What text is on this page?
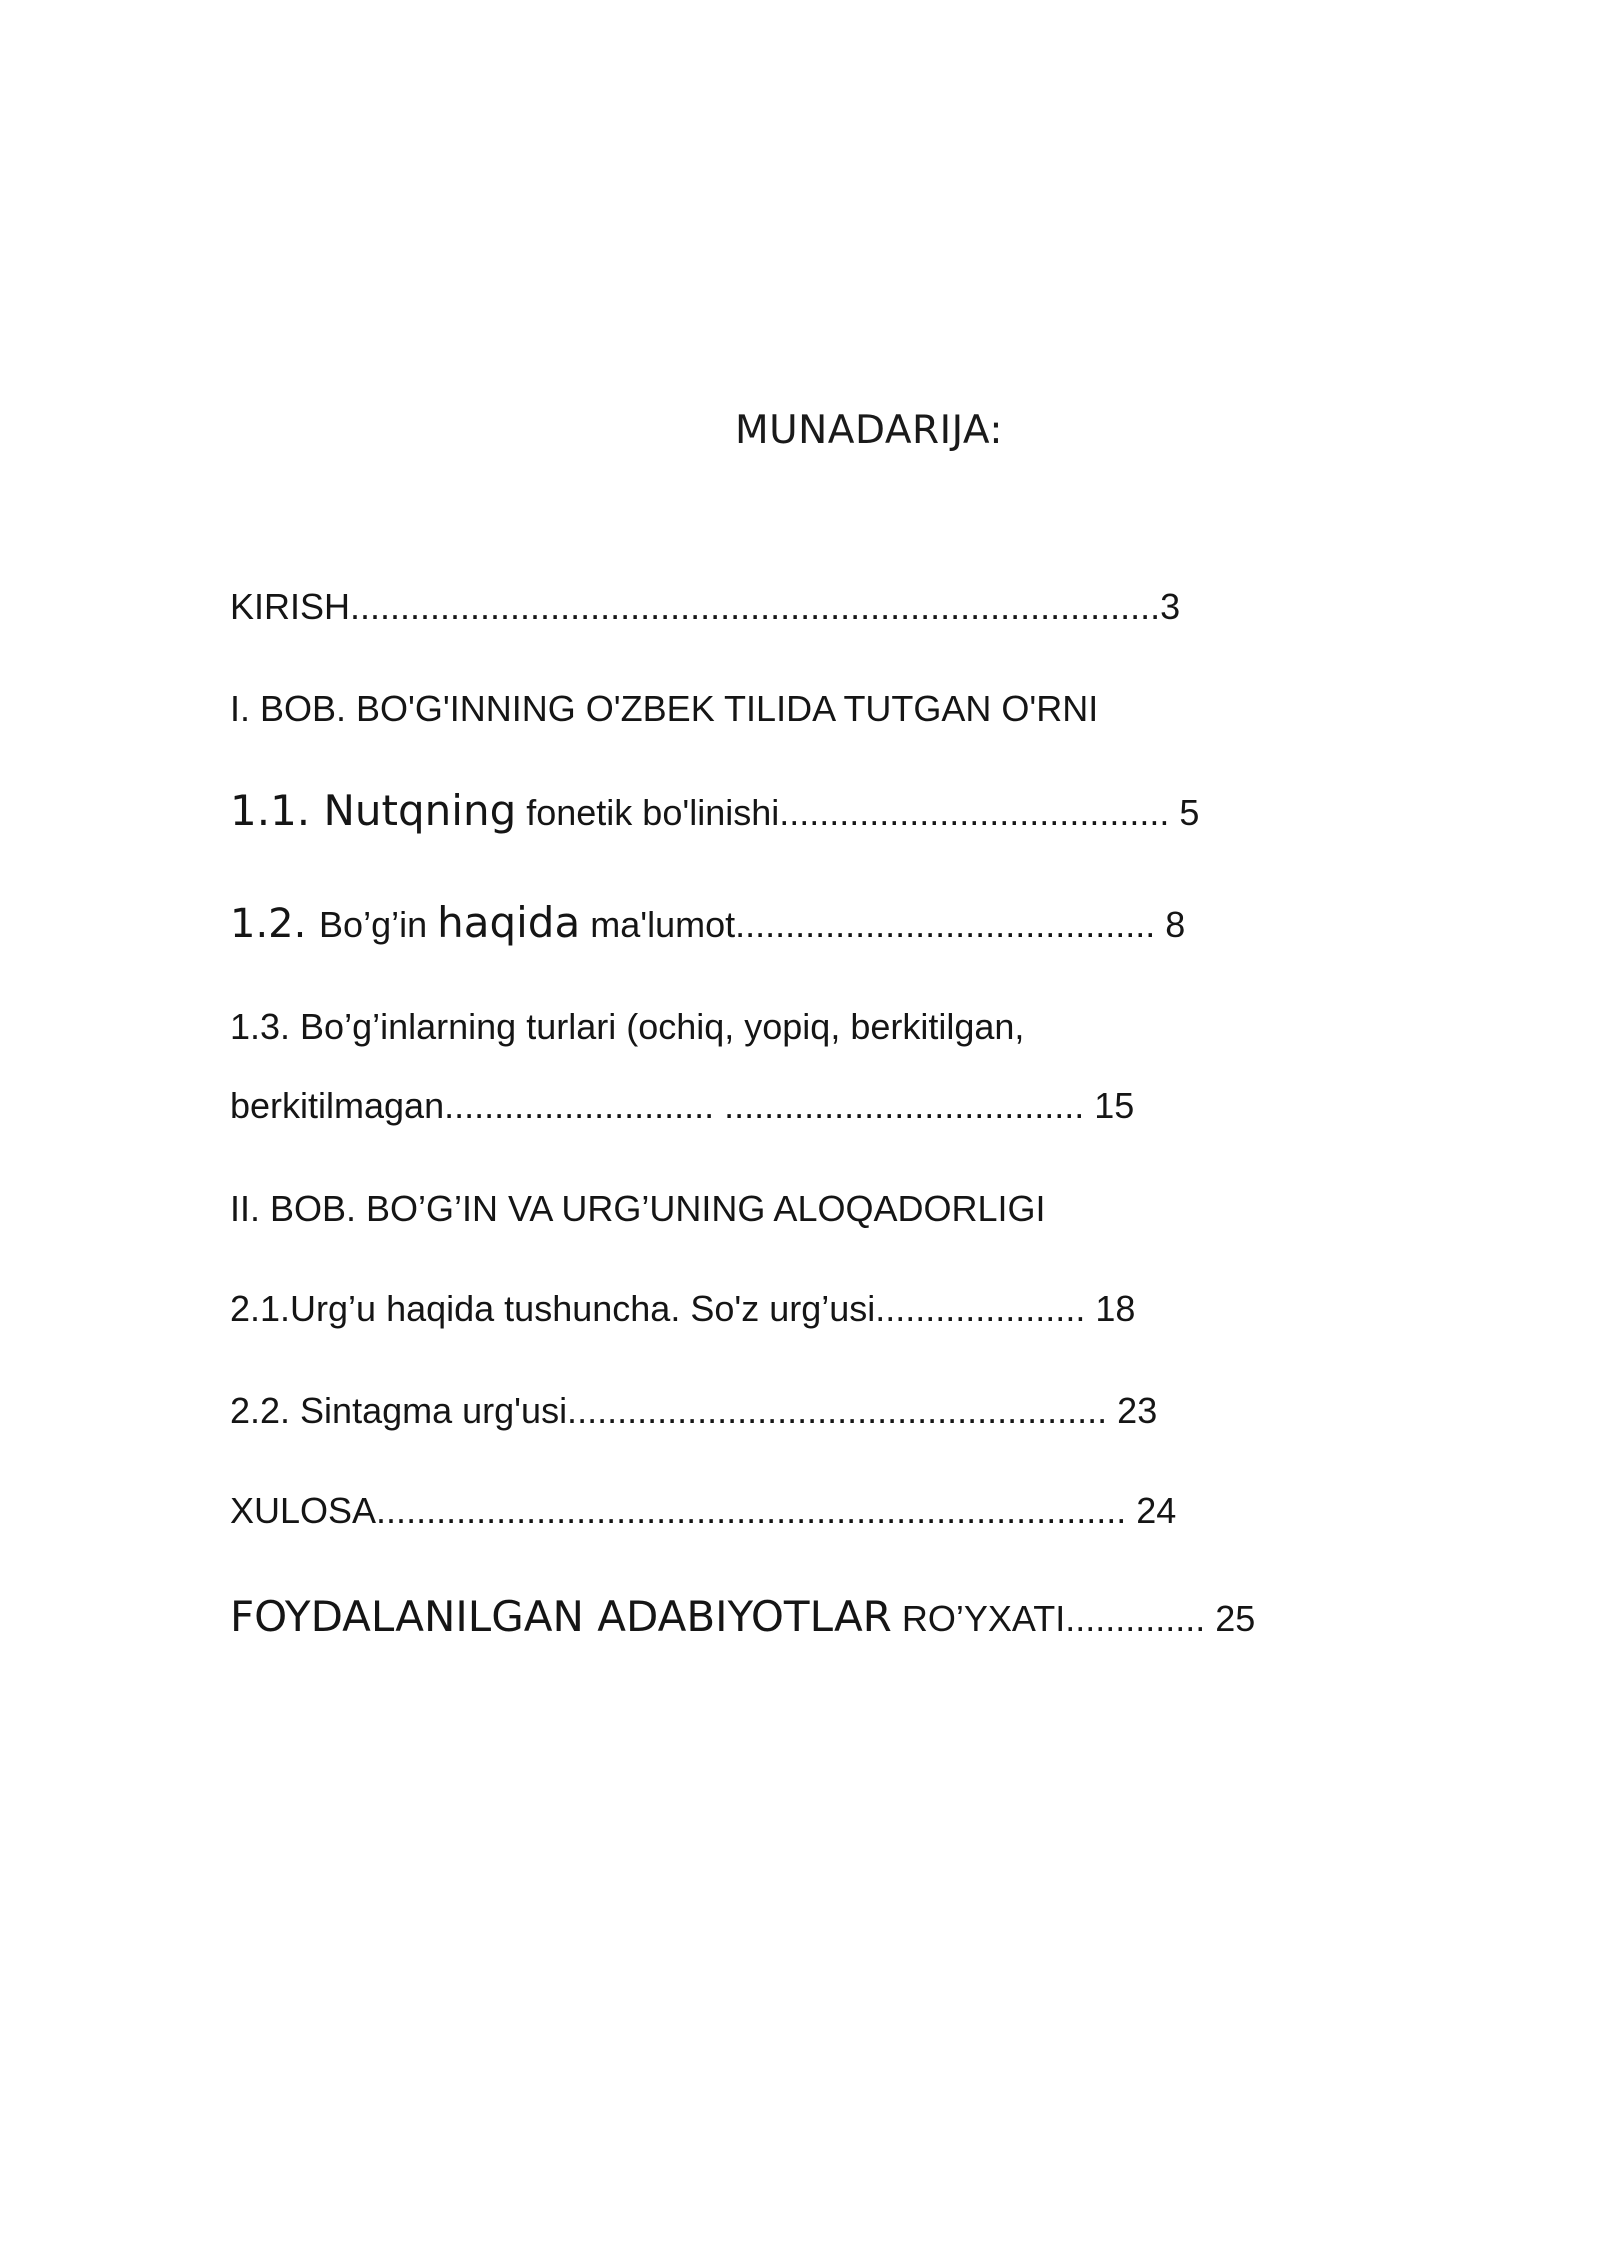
MUNADARIJA:
KIRISH.................................................................................3
I. BOB. BO'G'INNING O'ZBEK TILIDA TUTGAN O'RNI
1.1. Nutqning fonetik bo'linishi....................................... 5
1.2. Bo’g’in haqida ma'lumot.......................................... 8
1.3. Bo’g’inlarning turlari (ochiq, yopiq, berkitilgan,
berkitilmagan........................... .................................... 15
II. BOB. BO’G’IN VA URG’UNING ALOQADORLIGI
2.1.Urg’u haqida tushuncha. So'z urg’usi..................... 18
2.2. Sintagma urg'usi...................................................... 23
XULOSA........................................................................... 24
FOYDALANILGAN ADABIYOTLAR RO’YXATI.............. 25
